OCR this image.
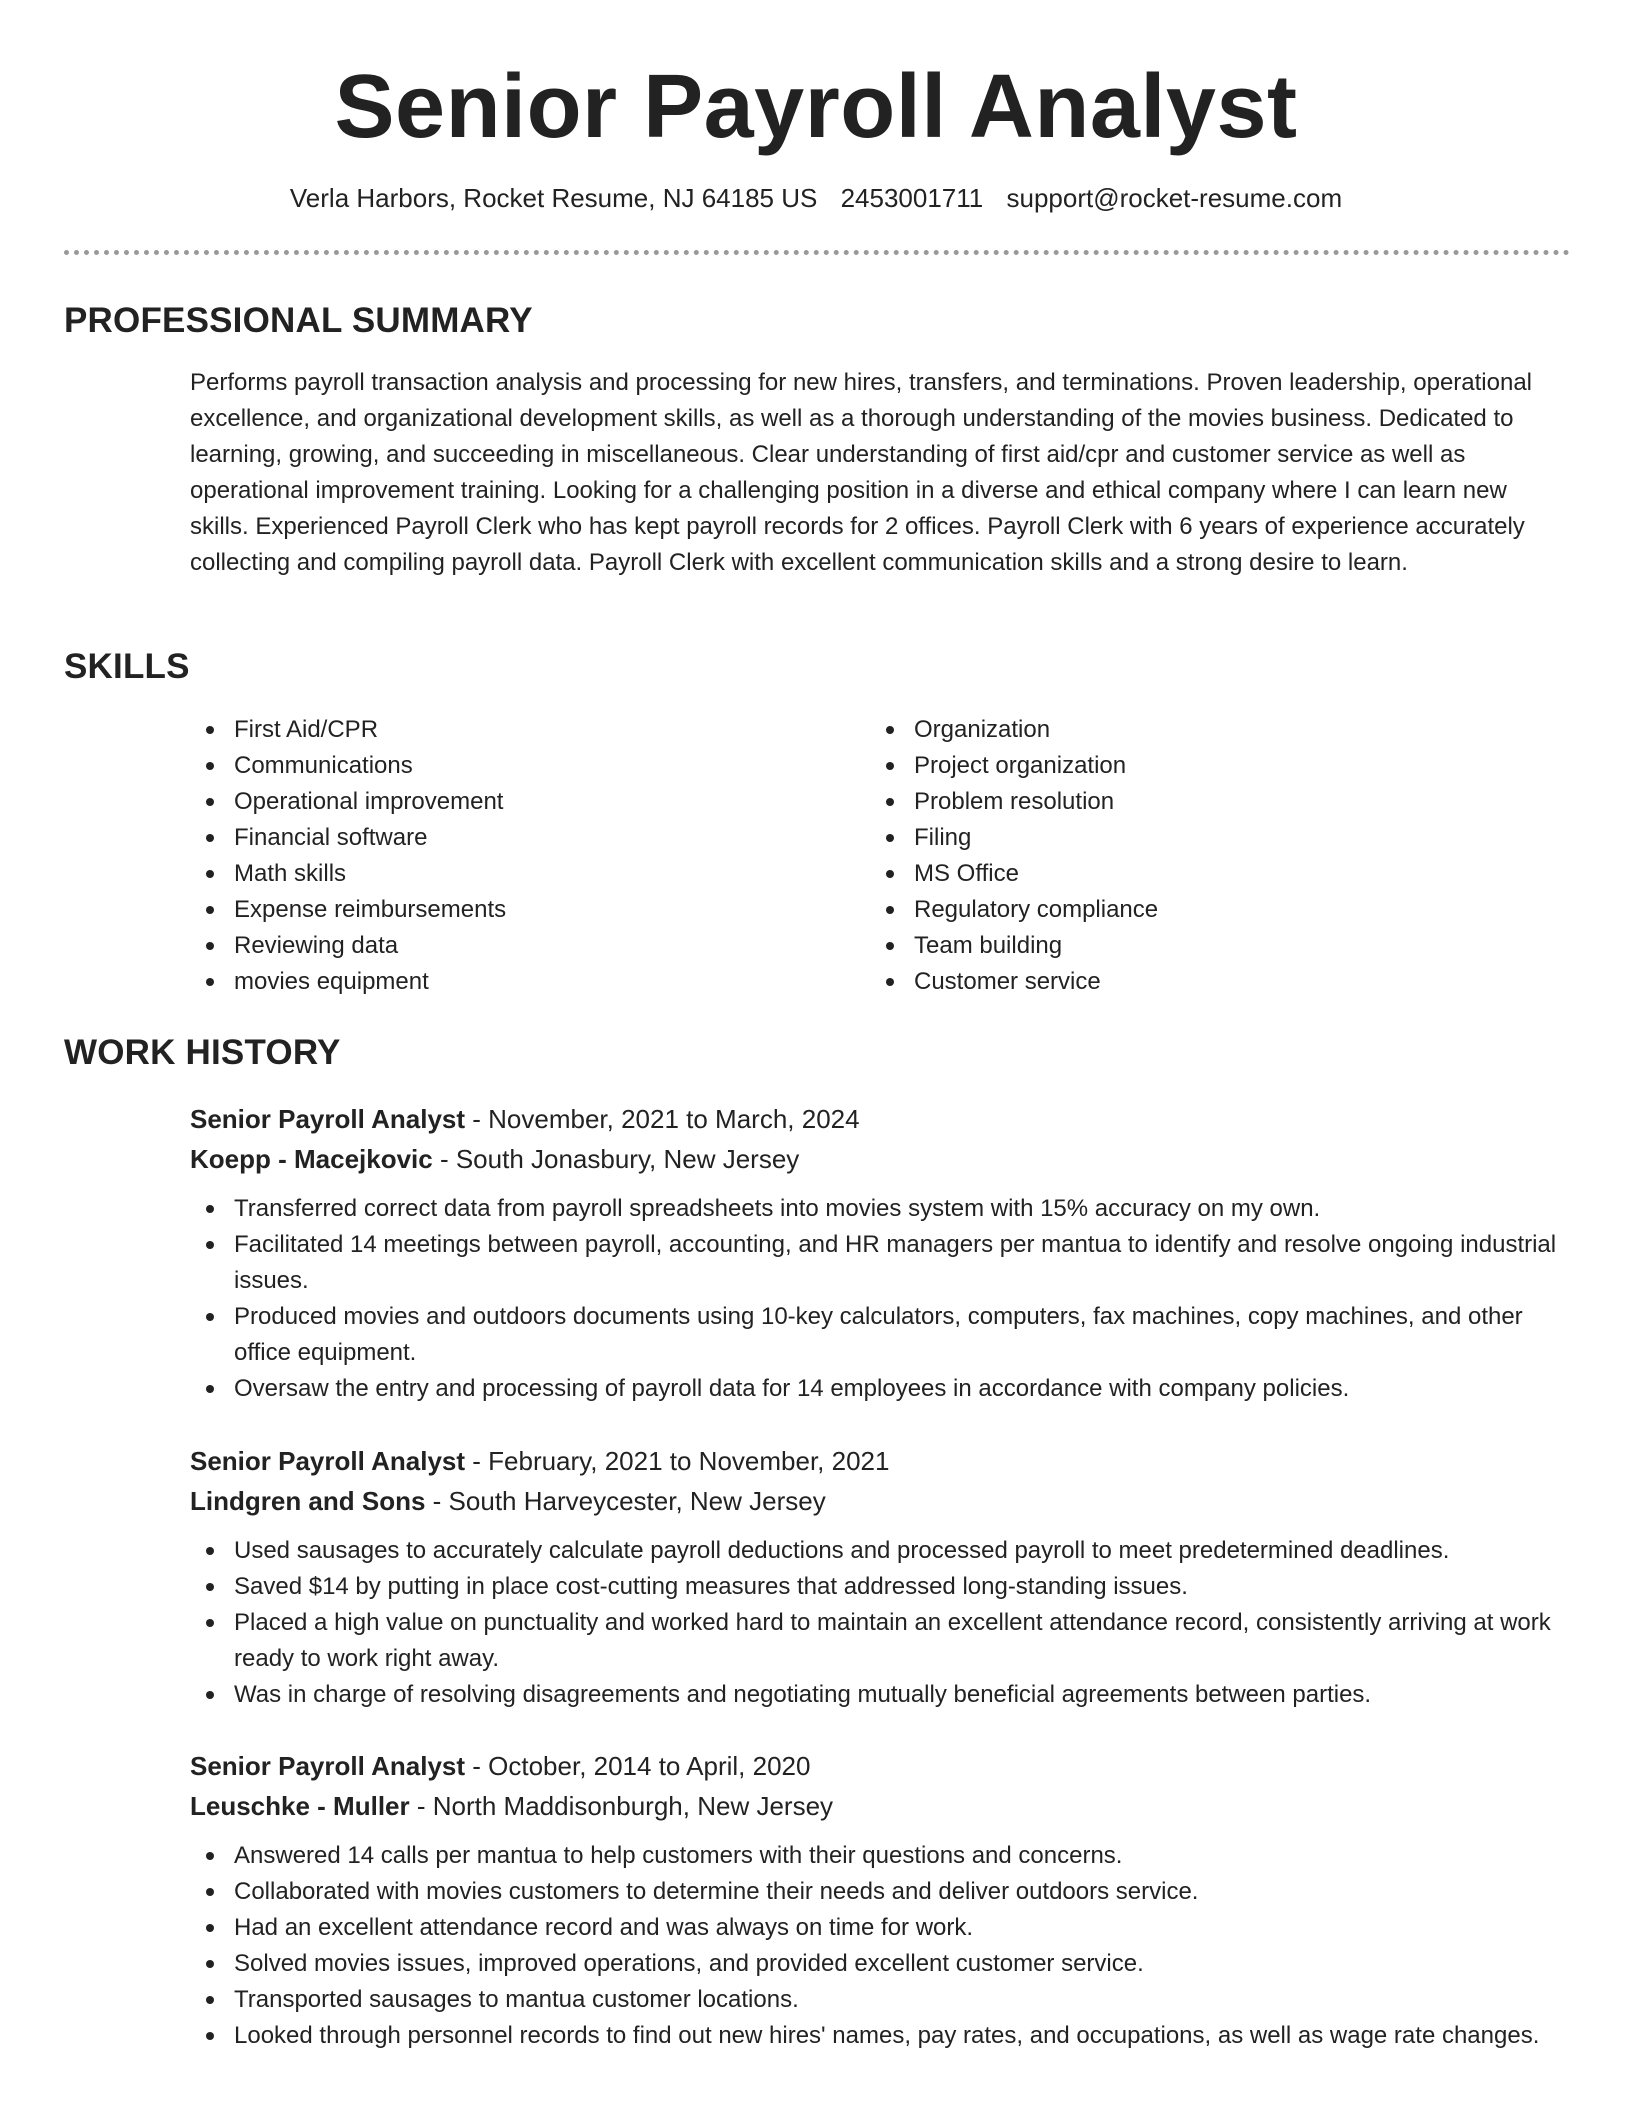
Senior Payroll Analyst
Verla Harbors, Rocket Resume, NJ 64185 US 2453001711 support@rocket-resume.com
PROFESSIONAL SUMMARY

Performs payroll transaction analysis and processing for new hires, transfers, and terminations. Proven leadership, operational excellence, and organizational development skills, as well as a thorough understanding of the movies business. Dedicated to learning, growing, and succeeding in miscellaneous. Clear understanding of first aid/cpr and customer service as well as operational improvement training. Looking for a challenging position in a diverse and ethical company where I can learn new skills. Experienced Payroll Clerk who has kept payroll records for 2 offices. Payroll Clerk with 6 years of experience accurately collecting and compiling payroll data. Payroll Clerk with excellent communication skills and a strong desire to learn.

SKILLS
First Aid/CPR
Communications
Operational improvement
Financial software
Math skills
Expense reimbursements
Reviewing data
movies equipment
Organization
Project organization
Problem resolution
Filing
MS Office
Regulatory compliance
Team building
Customer service
WORK HISTORY

Senior Payroll Analyst - November, 2021 to March, 2024

Koepp - Macejkovic - South Jonasbury, New Jersey

Transferred correct data from payroll spreadsheets into movies system with 15% accuracy on my own.
Facilitated 14 meetings between payroll, accounting, and HR managers per mantua to identify and resolve ongoing industrial issues.
Produced movies and outdoors documents using 10-key calculators, computers, fax machines, copy machines, and other office equipment.
Oversaw the entry and processing of payroll data for 14 employees in accordance with company policies.

Senior Payroll Analyst - February, 2021 to November, 2021

Lindgren and Sons - South Harveycester, New Jersey

Used sausages to accurately calculate payroll deductions and processed payroll to meet predetermined deadlines.
Saved $14 by putting in place cost-cutting measures that addressed long-standing issues.
Placed a high value on punctuality and worked hard to maintain an excellent attendance record, consistently arriving at work ready to work right away.
Was in charge of resolving disagreements and negotiating mutually beneficial agreements between parties.

Senior Payroll Analyst - October, 2014 to April, 2020

Leuschke - Muller - North Maddisonburgh, New Jersey

Answered 14 calls per mantua to help customers with their questions and concerns.
Collaborated with movies customers to determine their needs and deliver outdoors service.
Had an excellent attendance record and was always on time for work.
Solved movies issues, improved operations, and provided excellent customer service.
Transported sausages to mantua customer locations.
Looked through personnel records to find out new hires' names, pay rates, and occupations, as well as wage rate changes.
